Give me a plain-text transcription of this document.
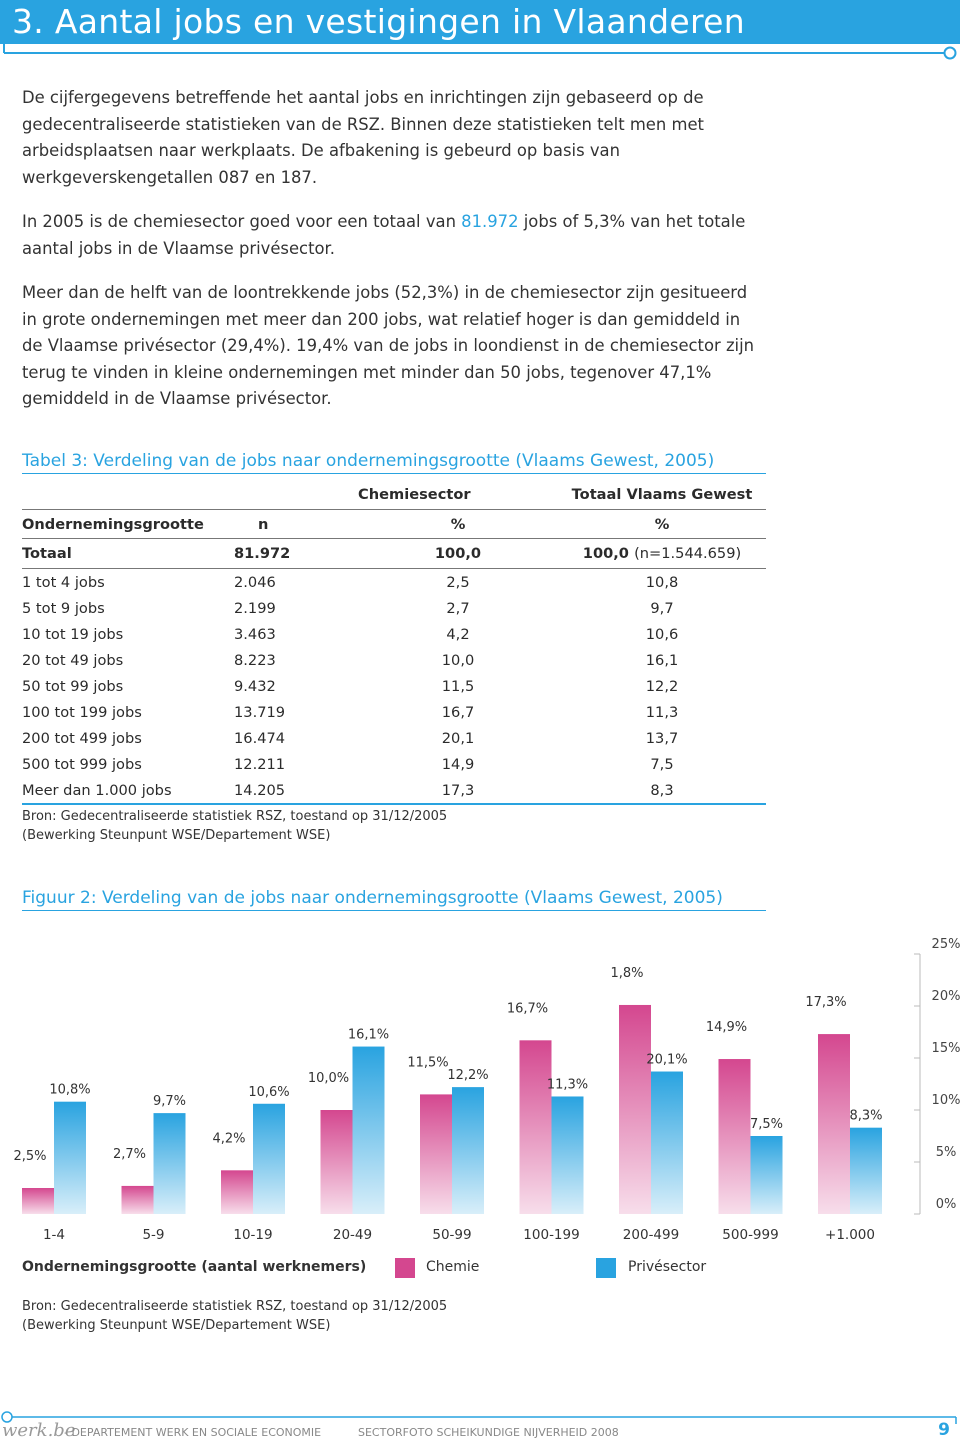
3. Aantal jobs en vestigingen in Vlaanderen

De cijfergegevens betreffende het aantal jobs en inrichtingen zijn gebaseerd op de gedecentraliseerde statistieken van de RSZ. Binnen deze statistieken telt men met arbeidsplaatsen naar werkplaats. De afbakening is gebeurd op basis van werkgeverskengetallen 087 en 187.

In 2005 is de chemiesector goed voor een totaal van 81.972 jobs of 5,3% van het totale aantal jobs in de Vlaamse privésector.

Meer dan de helft van de loontrekkende jobs (52,3%) in de chemiesector zijn gesitueerd in grote ondernemingen met meer dan 200 jobs, wat relatief hoger is dan gemiddeld in de Vlaamse privésector (29,4%). 19,4% van de jobs in loondienst in de chemiesector zijn terug te vinden in kleine ondernemingen met minder dan 50 jobs, tegenover 47,1% gemiddeld in de Vlaamse privésector.

Tabel 3: Verdeling van de jobs naar ondernemingsgrootte (Vlaams Gewest, 2005)
		Chemiesector	Totaal Vlaams Gewest
Ondernemingsgrootte	n	%	%
Totaal	81.972	100,0	100,0 (n=1.544.659)
1 tot 4 jobs	2.046	2,5	10,8
5 tot 9 jobs	2.199	2,7	9,7
10 tot 19 jobs	3.463	4,2	10,6
20 tot 49 jobs	8.223	10,0	16,1
50 tot 99 jobs	9.432	11,5	12,2
100 tot 199 jobs	13.719	16,7	11,3
200 tot 499 jobs	16.474	20,1	13,7
500 tot 999 jobs	12.211	14,9	7,5
Meer dan 1.000 jobs	14.205	17,3	8,3
Bron: Gedecentraliseerde statistiek RSZ, toestand op 31/12/2005
(Bewerking Steunpunt WSE/Departement WSE)
Figuur 2: Verdeling van de jobs naar ondernemingsgrootte (Vlaams Gewest, 2005)
0%
5%
10%
15%
20%
25%
2,5%
10,8%
1-4
2,7%
9,7%
5-9
4,2%
10,6%
10-19
10,0%
16,1%
20-49
11,5%
12,2%
50-99
16,7%
11,3%
100-199
1,8%
20,1%
200-499
14,9%
7,5%
500-999
17,3%
8,3%
+1.000
Ondernemingsgrootte (aantal werknemers)	Chemie	Privésector
Bron: Gedecentraliseerde statistiek RSZ, toestand op 31/12/2005
(Bewerking Steunpunt WSE/Departement WSE)
werk.be
- DEPARTEMENT WERK EN SOCIALE ECONOMIE	SECTORFOTO SCHEIKUNDIGE NIJVERHEID 2008	9
